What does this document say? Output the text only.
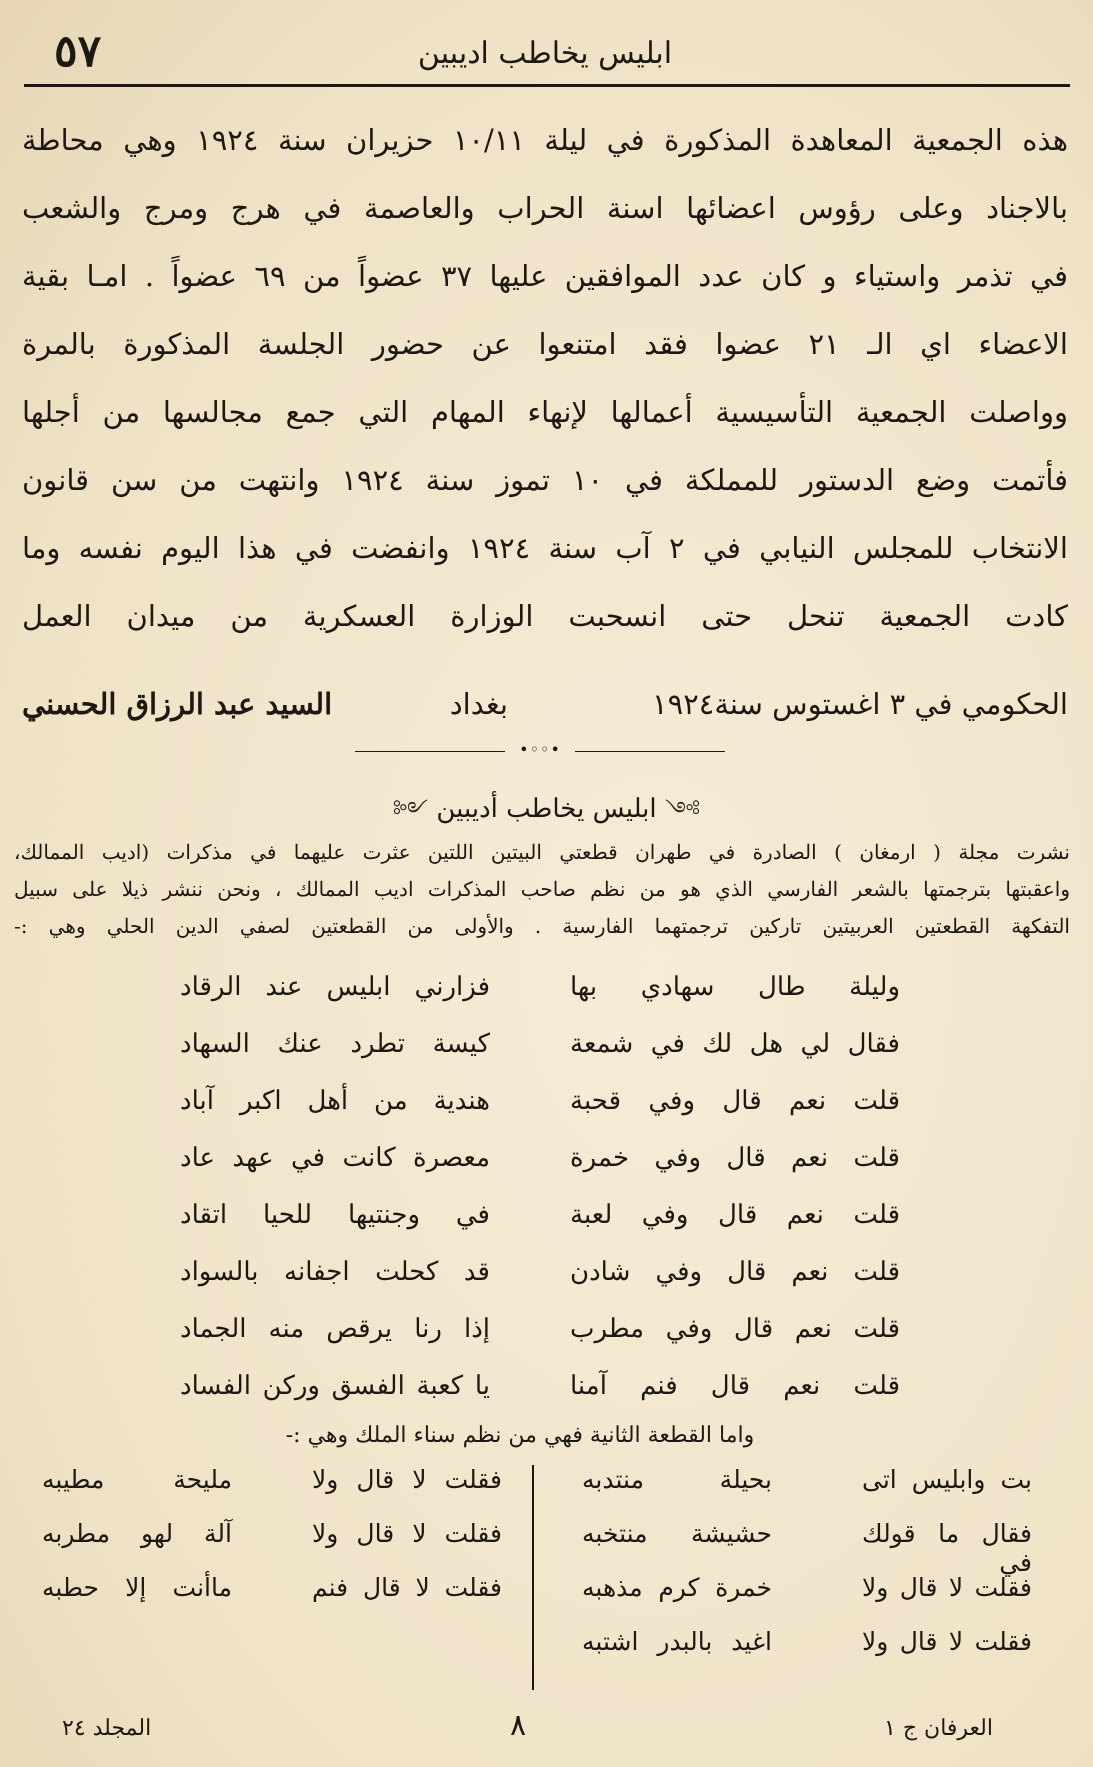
٥٧	ابليس يخاطب اديبين
هذه الجمعية المعاهدة المذكورة في ليلة ١٠/١١ حزيران سنة ١٩٢٤ وهي محاطة
بالاجناد وعلى رؤوس اعضائها اسنة الحراب والعاصمة في هرج ومرج والشعب
في تذمر واستياء و كان عدد الموافقين عليها ٣٧ عضواً من ٦٩ عضواً . امـا بقية
الاعضاء اي الـ ٢١ عضوا فقد امتنعوا عن حضور الجلسة المذكورة بالمرة
وواصلت الجمعية التأسيسية أعمالها لإنهاء المهام التي جمع مجالسها من أجلها
فأتمت وضع الدستور للمملكة في ١٠ تموز سنة ١٩٢٤ وانتهت من سن قانون
الانتخاب للمجلس النيابي في ٢ آب سنة ١٩٢٤ وانفضت في هذا اليوم نفسه وما
كادت الجمعية تنحل حتى انسحبت الوزارة العسكرية من ميدان العمل
الحكومي في ٣ اغستوس سنة١٩٢٤
بغداد
السيد عبد الرزاق الحسني
•◦◦•
༻ ابليس يخاطب أديبين ༺
نشرت مجلة ( ارمغان ) الصادرة في طهران قطعتي البيتين اللتين عثرت عليهما في مذكرات (اديب الممالك،
واعقبتها بترجمتها بالشعر الفارسي الذي هو من نظم صاحب المذكرات اديب الممالك ، ونحن ننشر ذيلا على سبيل
التفكهة القطعتين العربيتين تاركين ترجمتهما الفارسية . والأولى من القطعتين لصفي الدين الحلي وهي :-
وليلة طال سهادي بها
فزارني ابليس عند الرقاد
فقال لي هل لك في شمعة
كيسة تطرد عنك السهاد
قلت نعم قال وفي قحبة
هندية من أهل اكبر آباد
قلت نعم قال وفي خمرة
معصرة كانت في عهد عاد
قلت نعم قال وفي لعبة
في وجنتيها للحيا اتقاد
قلت نعم قال وفي شادن
قد كحلت اجفانه بالسواد
قلت نعم قال وفي مطرب
إذا رنا يرقص منه الجماد
قلت نعم قال فنم آمنا
يا كعبة الفسق وركن الفساد
واما القطعة الثانية فهي من نظم سناء الملك وهي :-
بت وابليس اتى
بحيلة منتدبه
فقلت لا قال ولا
مليحة مطيبه
فقال ما قولك في
حشيشة منتخبه
فقلت لا قال ولا
آلة لهو مطربه
فقلت لا قال ولا
خمرة كرم مذهبه
فقلت لا قال فنم
ماأنت إلا حطبه
فقلت لا قال ولا
اغيد بالبدر اشتبه
العرفان ج ١
٨
المجلد ٢٤
